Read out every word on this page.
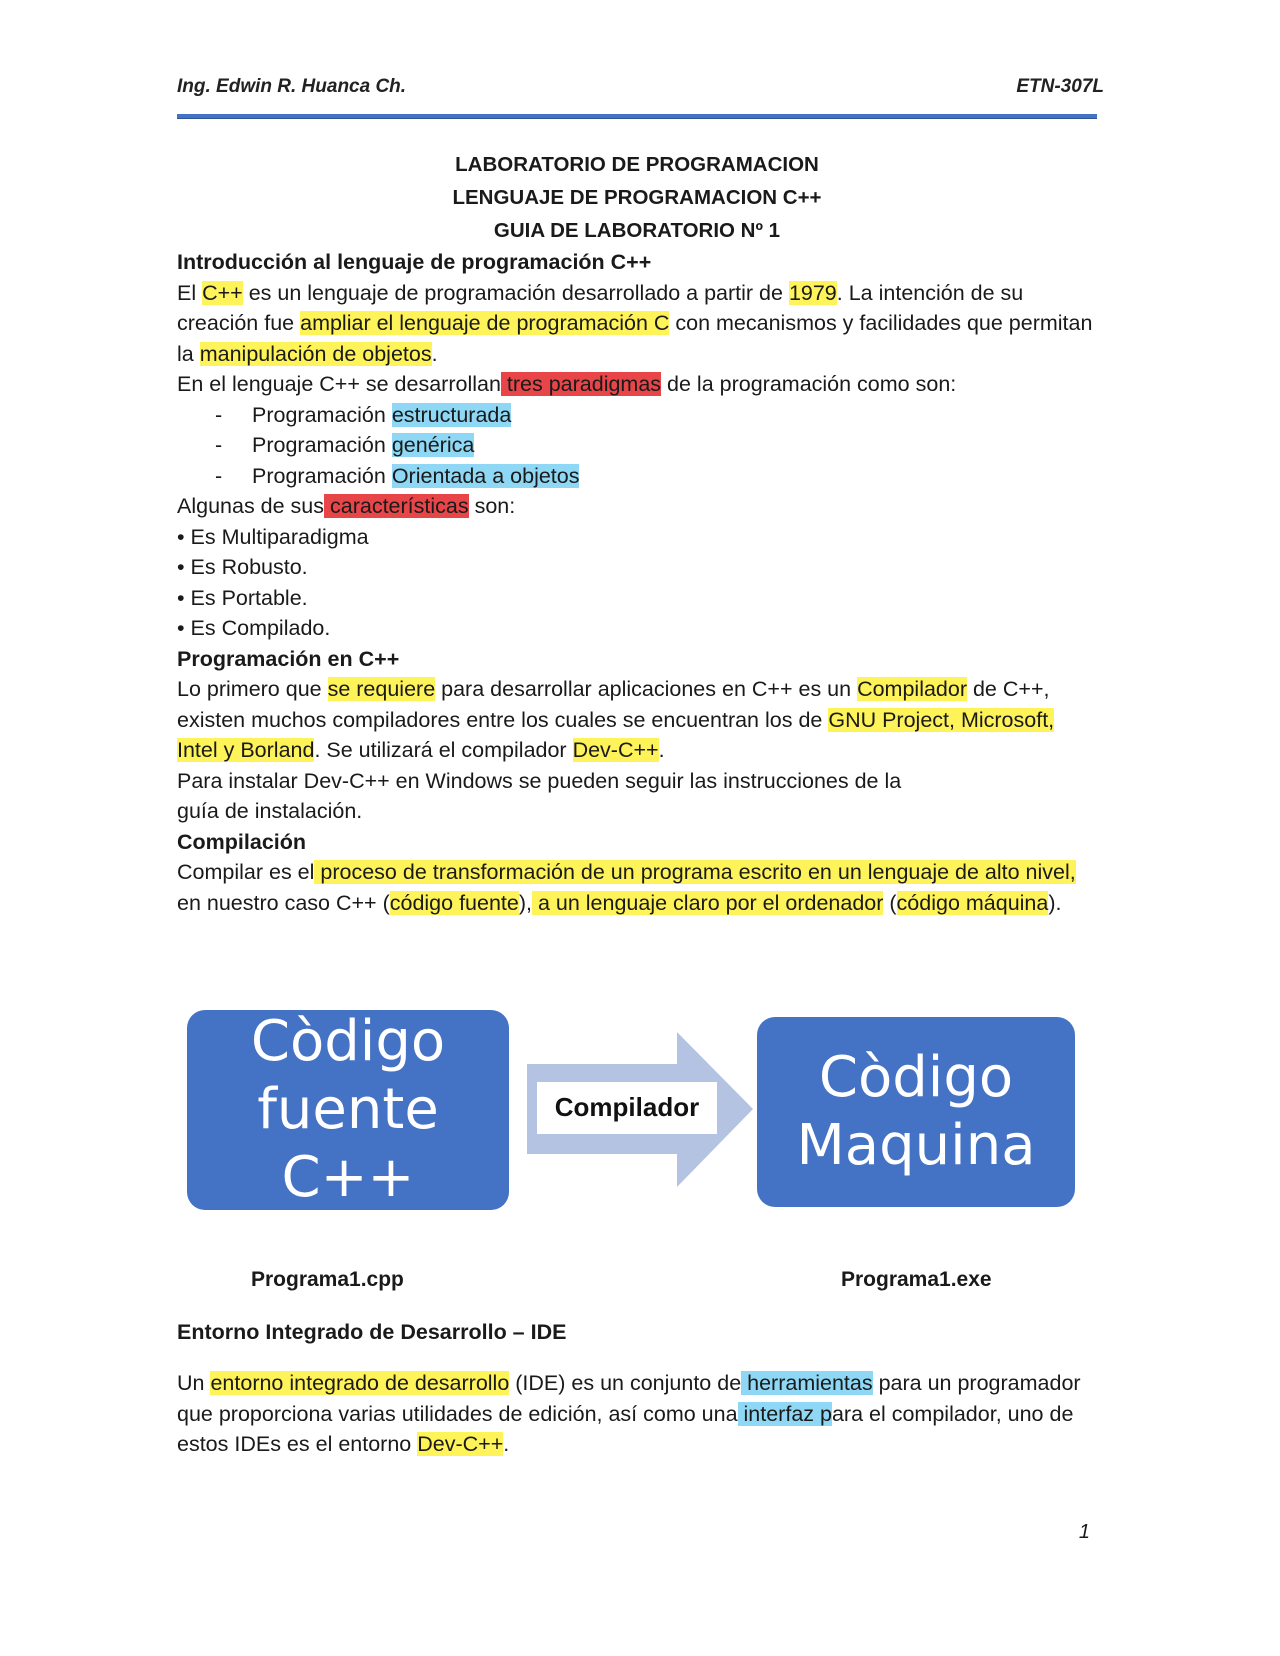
Ing. Edwin R. Huanca Ch.	ETN-307L
LABORATORIO DE PROGRAMACION
LENGUAJE DE PROGRAMACION C++
GUIA DE LABORATORIO Nº 1
Introducción al lenguaje de programación C++

El C++ es un lenguaje de programación desarrollado a partir de 1979. La intención de su creación fue ampliar el lenguaje de programación C con mecanismos y facilidades que permitan la manipulación de objetos.

En el lenguaje C++ se desarrollan tres paradigmas de la programación como son:

- Programación estructurada
- Programación genérica
- Programación Orientada a objetos

Algunas de sus características son:

• Es Multiparadigma
• Es Robusto.
• Es Portable.
• Es Compilado.
Programación en C++

Lo primero que se requiere para desarrollar aplicaciones en C++ es un Compilador de C++, existen muchos compiladores entre los cuales se encuentran los de GNU Project, Microsoft, Intel y Borland. Se utilizará el compilador Dev-C++.

Para instalar Dev-C++ en Windows se pueden seguir las instrucciones de la
guía de instalación.
Compilación

Compilar es el proceso de transformación de un programa escrito en un lenguaje de alto nivel, en nuestro caso C++ (código fuente), a un lenguaje claro por el ordenador (código máquina).

Còdigo
fuente C++
Compilador	Còdigo
Maquina
Programa1.cpp	Programa1.exe
Entorno Integrado de Desarrollo – IDE

Un entorno integrado de desarrollo (IDE) es un conjunto de herramientas para un programador que proporciona varias utilidades de edición, así como una interfaz para el compilador, uno de estos IDEs es el entorno Dev-C++.

1
